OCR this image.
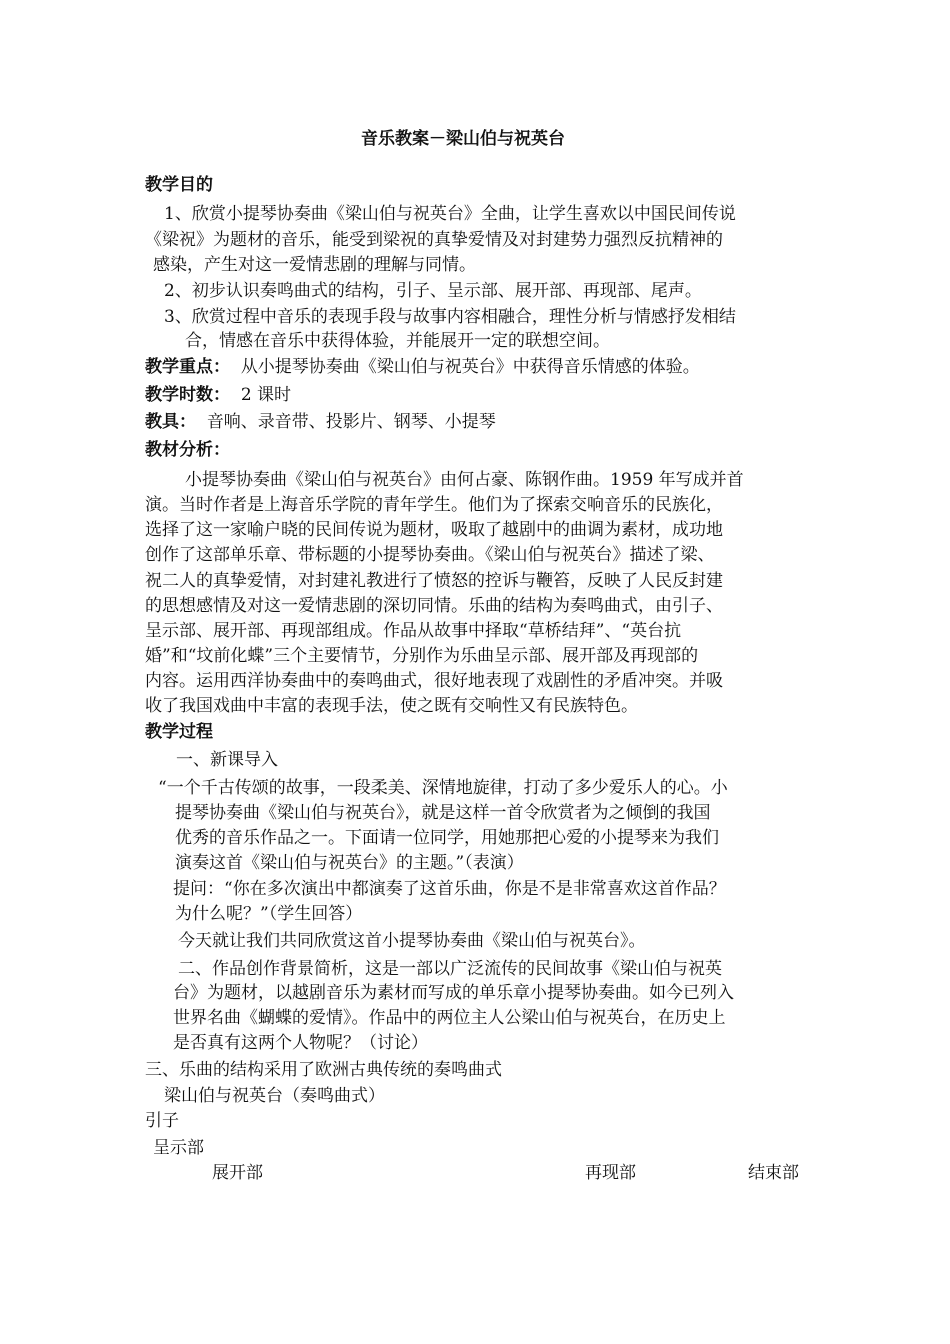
音乐教案－梁山伯与祝英台
教学目的
1、欣赏小提琴协奏曲《梁山伯与祝英台》全曲，让学生喜欢以中国民间传说
《梁祝》为题材的音乐，能受到梁祝的真挚爱情及对封建势力强烈反抗精神的
感染，产生对这一爱情悲剧的理解与同情。
2、初步认识奏鸣曲式的结构，引子、呈示部、展开部、再现部、尾声。
3、欣赏过程中音乐的表现手段与故事内容相融合，理性分析与情感抒发相结
合，情感在音乐中获得体验，并能展开一定的联想空间。
教学重点： 从小提琴协奏曲《梁山伯与祝英台》中获得音乐情感的体验。
教学时数： 2 课时
教具： 音响、录音带、投影片、钢琴、小提琴
教材分析：
小提琴协奏曲《梁山伯与祝英台》由何占豪、陈钢作曲。1959 年写成并首
演。当时作者是上海音乐学院的青年学生。他们为了探索交响音乐的民族化，
选择了这一家喻户晓的民间传说为题材，吸取了越剧中的曲调为素材，成功地
创作了这部单乐章、带标题的小提琴协奏曲。《梁山伯与祝英台》描述了梁、
祝二人的真挚爱情，对封建礼教进行了愤怒的控诉与鞭笞，反映了人民反封建
的思想感情及对这一爱情悲剧的深切同情。乐曲的结构为奏鸣曲式，由引子、
呈示部、展开部、再现部组成。作品从故事中择取“草桥结拜”、“英台抗
婚”和“坟前化蝶”三个主要情节，分别作为乐曲呈示部、展开部及再现部的
内容。运用西洋协奏曲中的奏鸣曲式，很好地表现了戏剧性的矛盾冲突。并吸
收了我国戏曲中丰富的表现手法，使之既有交响性又有民族特色。
教学过程
一、新课导入
“一个千古传颂的故事，一段柔美、深情地旋律，打动了多少爱乐人的心。小
提琴协奏曲《梁山伯与祝英台》，就是这样一首令欣赏者为之倾倒的我国
优秀的音乐作品之一。下面请一位同学，用她那把心爱的小提琴来为我们
演奏这首《梁山伯与祝英台》的主题。”（表演）
提问：“你在多次演出中都演奏了这首乐曲，你是不是非常喜欢这首作品？
为什么呢？”（学生回答）
今天就让我们共同欣赏这首小提琴协奏曲《梁山伯与祝英台》。
二、作品创作背景简析，这是一部以广泛流传的民间故事《梁山伯与祝英
台》为题材，以越剧音乐为素材而写成的单乐章小提琴协奏曲。如今已列入
世界名曲《蝴蝶的爱情》。作品中的两位主人公梁山伯与祝英台，在历史上
是否真有这两个人物呢？（讨论）
三、乐曲的结构采用了欧洲古典传统的奏鸣曲式
梁山伯与祝英台（奏鸣曲式）
引子
呈示部
展开部	再现部	结束部
